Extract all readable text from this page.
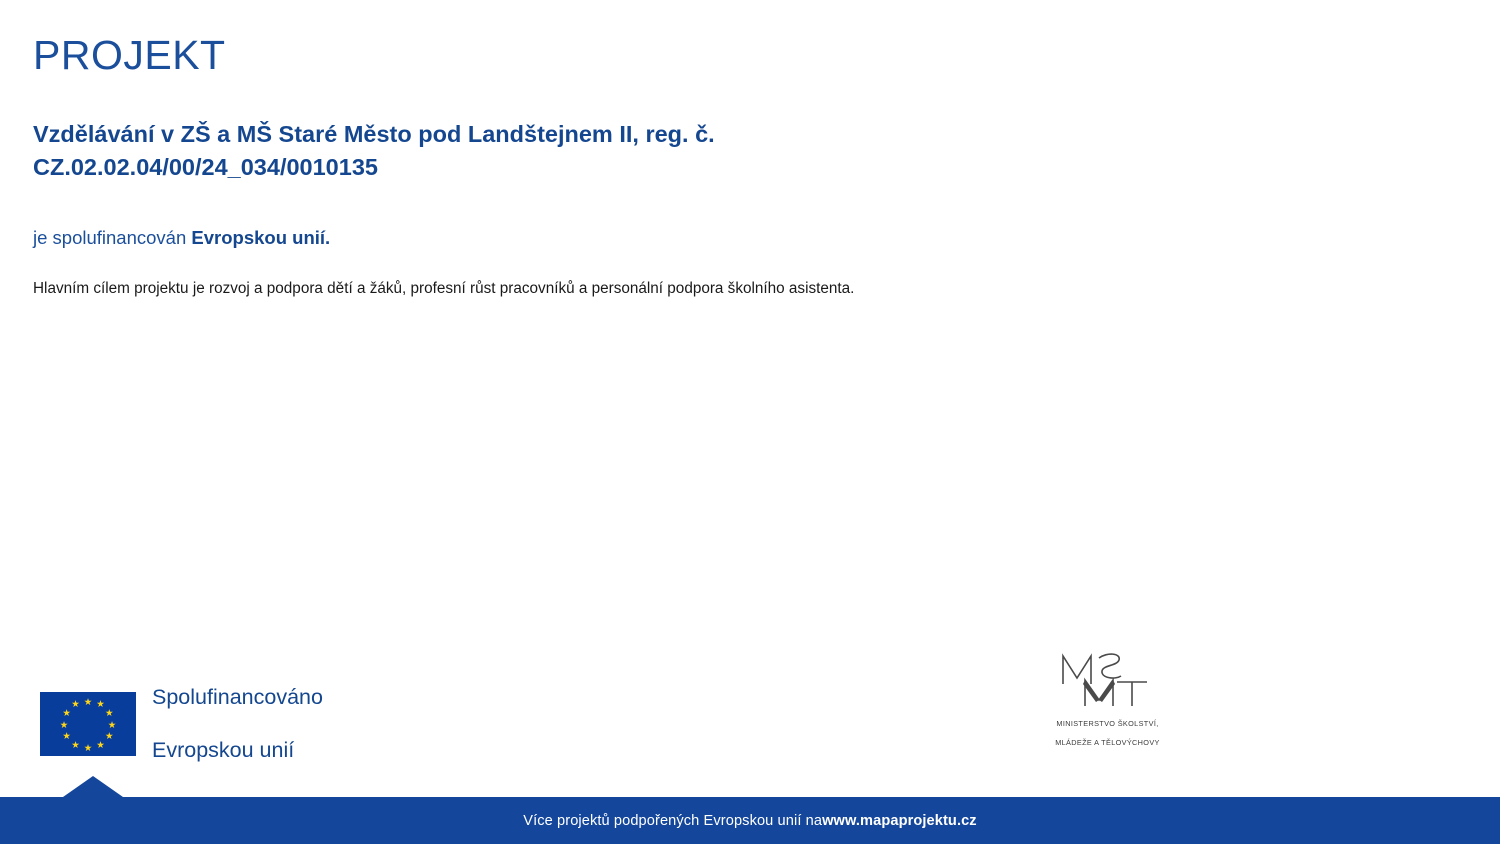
PROJEKT
Vzdělávání v ZŠ a MŠ Staré Město pod Landštejnem II, reg. č. CZ.02.02.04/00/24_034/0010135
je spolufinancován Evropskou unií.
Hlavním cílem projektu je rozvoj a podpora dětí a žáků, profesní růst pracovníků a personální podpora školního asistenta.
★ ★
★
★
★
★
★
★
★
★
★
★	Spolufinancováno

Evropskou unií

MINISTERSTVO ŠKOLSTVÍ,

MLÁDEŽE A TĚLOVÝCHOVY

Více projektů podpořených Evropskou unií na www.mapaprojektu.cz
